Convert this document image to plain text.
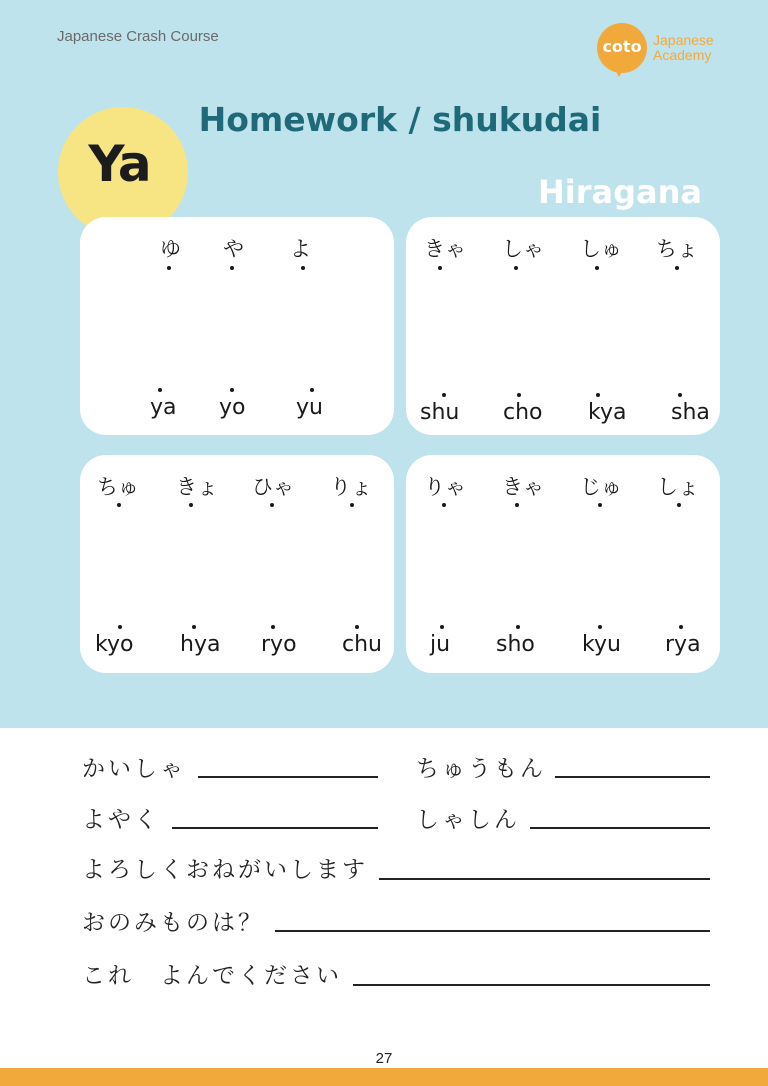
Japanese Crash Course
coto Japanese
Academy
Homework / shukudai
Ya	Hiragana
ゆ や よ
ya yo yu
きゃ しゃ しゅ ちょ
shu cho kya sha
ちゅ きょ ひゃ りょ
kyo hya ryo chu
りゃ きゃ じゅ しょ
ju sho kyu rya
かいしゃ	ちゅうもん
よやく	しゃしん
よろしくおねがいします
おのみものは？
これ　よんでください
27
